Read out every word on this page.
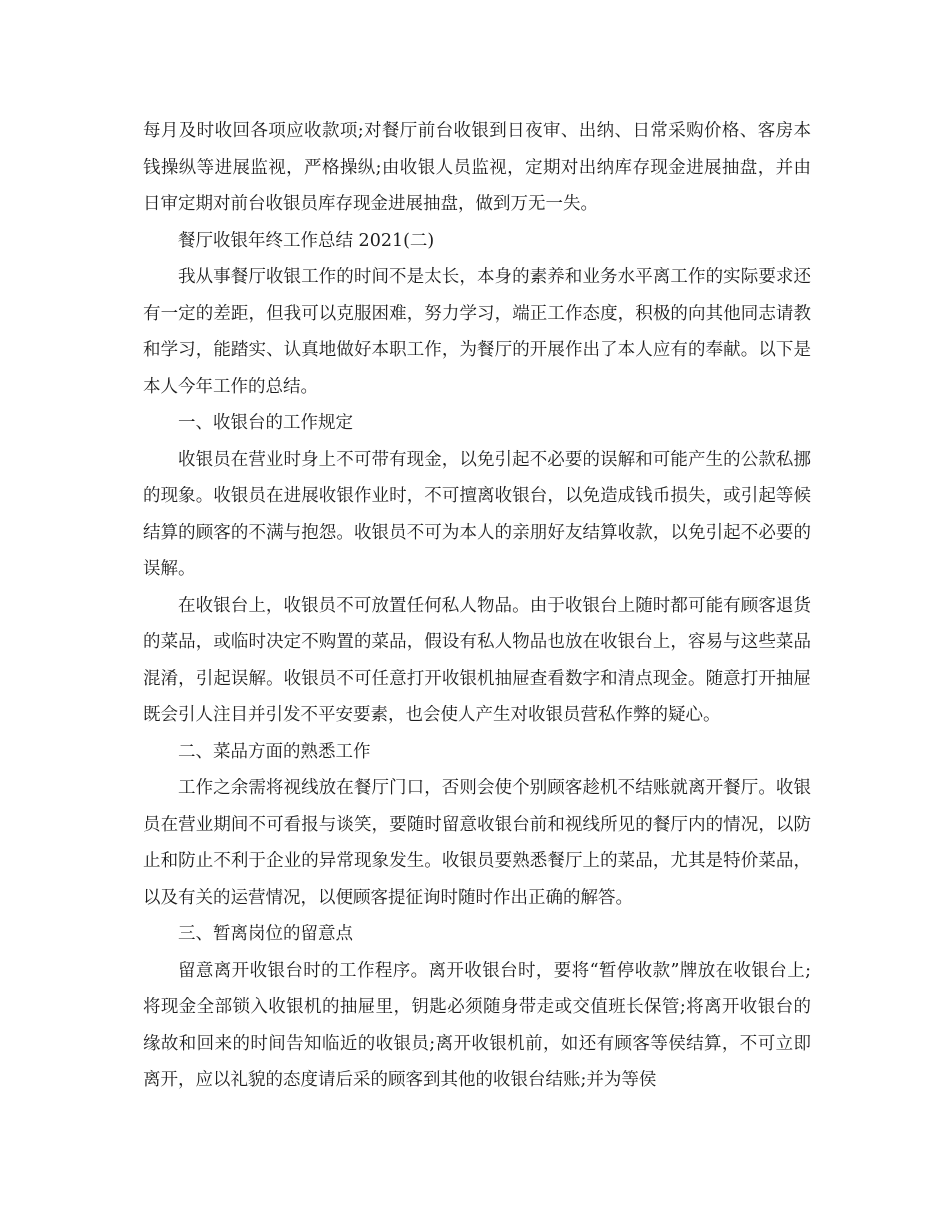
每月及时收回各项应收款项;对餐厅前台收银到日夜审、出纳、日常采购价格、客房本钱操纵等进展监视，严格操纵;由收银人员监视，定期对出纳库存现金进展抽盘，并由日审定期对前台收银员库存现金进展抽盘，做到万无一失。

餐厅收银年终工作总结 2021(二)

我从事餐厅收银工作的时间不是太长，本身的素养和业务水平离工作的实际要求还有一定的差距，但我可以克服困难，努力学习，端正工作态度，积极的向其他同志请教和学习，能踏实、认真地做好本职工作，为餐厅的开展作出了本人应有的奉献。以下是本人今年工作的总结。

一、收银台的工作规定

收银员在营业时身上不可带有现金，以免引起不必要的误解和可能产生的公款私挪的现象。收银员在进展收银作业时，不可擅离收银台，以免造成钱币损失，或引起等候结算的顾客的不满与抱怨。收银员不可为本人的亲朋好友结算收款，以免引起不必要的误解。

在收银台上，收银员不可放置任何私人物品。由于收银台上随时都可能有顾客退货的菜品，或临时决定不购置的菜品，假设有私人物品也放在收银台上，容易与这些菜品混淆，引起误解。收银员不可任意打开收银机抽屉查看数字和清点现金。随意打开抽屉既会引人注目并引发不平安要素，也会使人产生对收银员营私作弊的疑心。

二、菜品方面的熟悉工作

工作之余需将视线放在餐厅门口，否则会使个别顾客趁机不结账就离开餐厅。收银员在营业期间不可看报与谈笑，要随时留意收银台前和视线所见的餐厅内的情况，以防止和防止不利于企业的异常现象发生。收银员要熟悉餐厅上的菜品，尤其是特价菜品，以及有关的运营情况，以便顾客提征询时随时作出正确的解答。

三、暂离岗位的留意点

留意离开收银台时的工作程序。离开收银台时，要将“暂停收款”牌放在收银台上;将现金全部锁入收银机的抽屉里，钥匙必须随身带走或交值班长保管;将离开收银台的缘故和回来的时间告知临近的收银员;离开收银机前，如还有顾客等侯结算，不可立即离开，应以礼貌的态度请后采的顾客到其他的收银台结账;并为等侯
